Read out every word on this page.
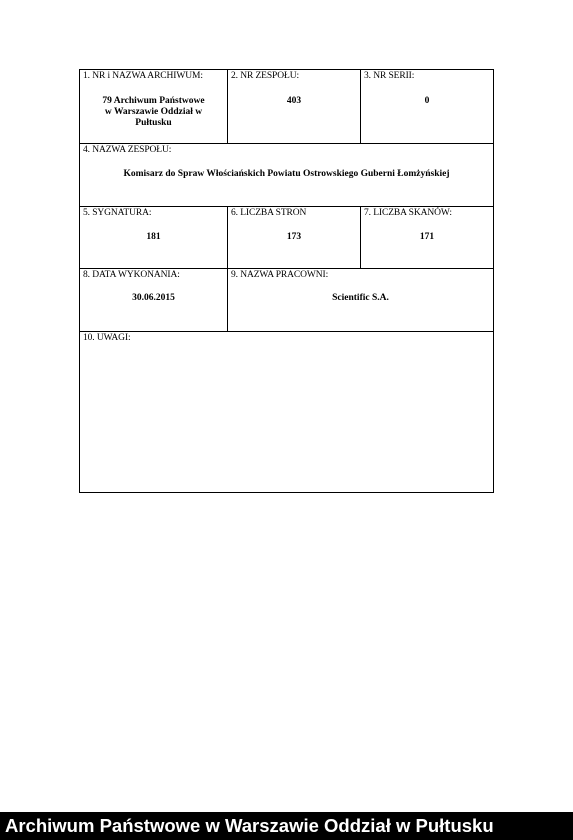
1. NR i NAZWA ARCHIWUM:
79 Archiwum Państwowe
w Warszawie Oddział w
Pułtusku
2. NR ZESPOŁU:
403
3. NR SERII:
0
4. NAZWA ZESPOŁU:
Komisarz do Spraw Włościańskich Powiatu Ostrowskiego Guberni Łomżyńskiej
5. SYGNATURA:
181
6. LICZBA STRON
173
7. LICZBA SKANÓW:
171
8. DATA WYKONANIA:
30.06.2015
9. NAZWA PRACOWNI:
Scientific S.A.
10. UWAGI:
Archiwum Państwowe w Warszawie Oddział w Pułtusku
